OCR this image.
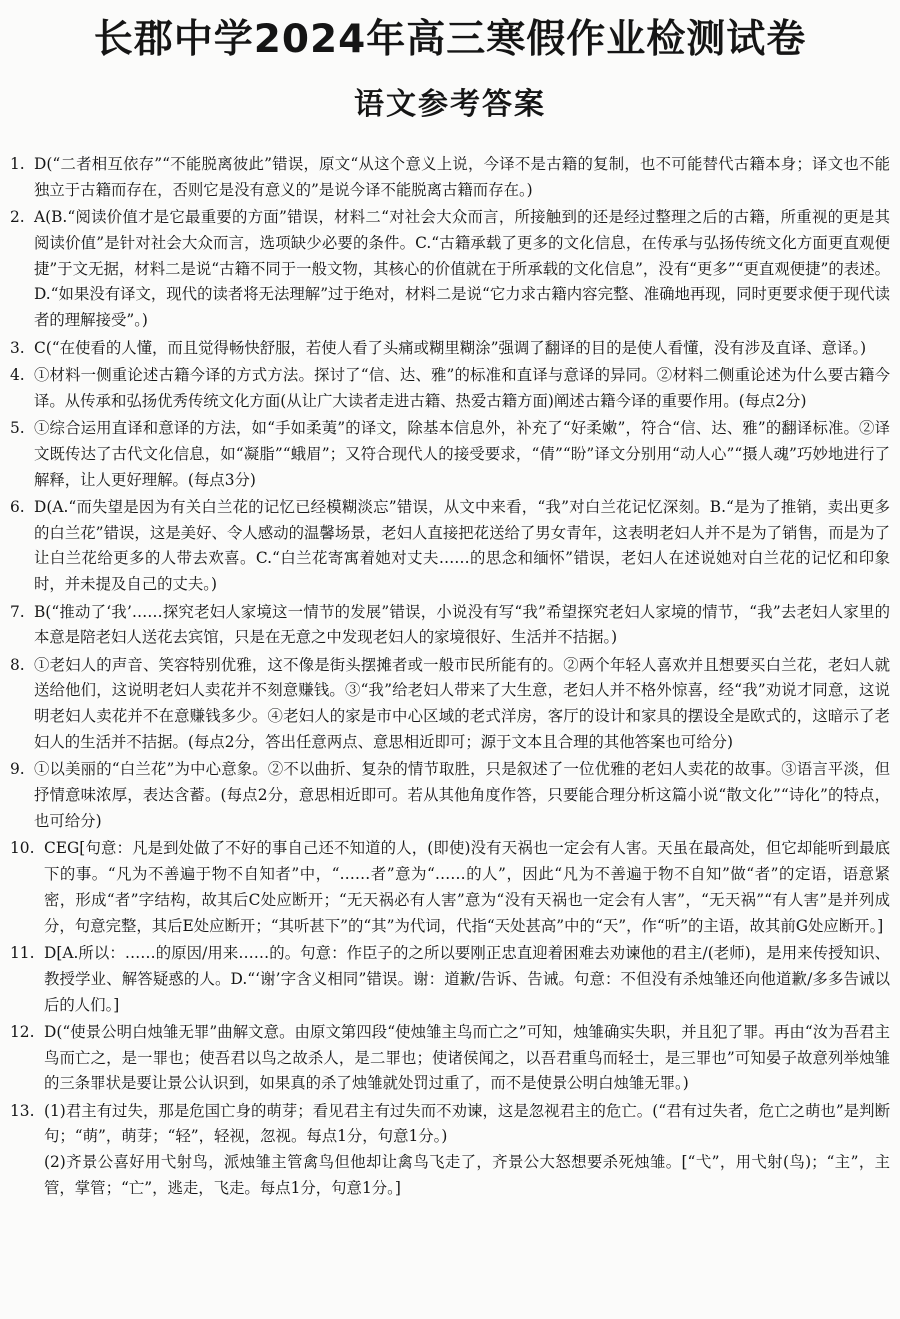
长郡中学2024年高三寒假作业检测试卷
语文参考答案

1. D(“二者相互依存”“不能脱离彼此”错误，原文“从这个意义上说，今译不是古籍的复制，也不可能替代古籍本身；译文也不能独立于古籍而存在，否则它是没有意义的”是说今译不能脱离古籍而存在。)

2. A(B.“阅读价值才是它最重要的方面”错误，材料二“对社会大众而言，所接触到的还是经过整理之后的古籍，所重视的更是其阅读价值”是针对社会大众而言，选项缺少必要的条件。C.“古籍承载了更多的文化信息，在传承与弘扬传统文化方面更直观便捷”于文无据，材料二是说“古籍不同于一般文物，其核心的价值就在于所承载的文化信息”，没有“更多”“更直观便捷”的表述。D.“如果没有译文，现代的读者将无法理解”过于绝对，材料二是说“它力求古籍内容完整、准确地再现，同时更要求便于现代读者的理解接受”。)

3. C(“在使看的人懂，而且觉得畅快舒服，若使人看了头痛或糊里糊涂”强调了翻译的目的是使人看懂，没有涉及直译、意译。)

4. ①材料一侧重论述古籍今译的方式方法。探讨了“信、达、雅”的标准和直译与意译的异同。②材料二侧重论述为什么要古籍今译。从传承和弘扬优秀传统文化方面(从让广大读者走进古籍、热爱古籍方面)阐述古籍今译的重要作用。(每点2分)

5. ①综合运用直译和意译的方法，如“手如柔荑”的译文，除基本信息外，补充了“好柔嫩”，符合“信、达、雅”的翻译标准。②译文既传达了古代文化信息，如“凝脂”“蛾眉”；又符合现代人的接受要求，“倩”“盼”译文分别用“动人心”“摄人魂”巧妙地进行了解释，让人更好理解。(每点3分)

6. D(A.“而失望是因为有关白兰花的记忆已经模糊淡忘”错误，从文中来看，“我”对白兰花记忆深刻。B.“是为了推销，卖出更多的白兰花”错误，这是美好、令人感动的温馨场景，老妇人直接把花送给了男女青年，这表明老妇人并不是为了销售，而是为了让白兰花给更多的人带去欢喜。C.“白兰花寄寓着她对丈夫……的思念和缅怀”错误，老妇人在述说她对白兰花的记忆和印象时，并未提及自己的丈夫。)

7. B(“推动了‘我’……探究老妇人家境这一情节的发展”错误，小说没有写“我”希望探究老妇人家境的情节，“我”去老妇人家里的本意是陪老妇人送花去宾馆，只是在无意之中发现老妇人的家境很好、生活并不拮据。)

8. ①老妇人的声音、笑容特别优雅，这不像是街头摆摊者或一般市民所能有的。②两个年轻人喜欢并且想要买白兰花，老妇人就送给他们，这说明老妇人卖花并不刻意赚钱。③“我”给老妇人带来了大生意，老妇人并不格外惊喜，经“我”劝说才同意，这说明老妇人卖花并不在意赚钱多少。④老妇人的家是市中心区域的老式洋房，客厅的设计和家具的摆设全是欧式的，这暗示了老妇人的生活并不拮据。(每点2分，答出任意两点、意思相近即可；源于文本且合理的其他答案也可给分)

9. ①以美丽的“白兰花”为中心意象。②不以曲折、复杂的情节取胜，只是叙述了一位优雅的老妇人卖花的故事。③语言平淡，但抒情意味浓厚，表达含蓄。(每点2分，意思相近即可。若从其他角度作答，只要能合理分析这篇小说“散文化”“诗化”的特点，也可给分)

10. CEG[句意：凡是到处做了不好的事自己还不知道的人，(即使)没有天祸也一定会有人害。天虽在最高处，但它却能听到最底下的事。“凡为不善遍于物不自知者”中，“……者”意为“……的人”，因此“凡为不善遍于物不自知”做“者”的定语，语意紧密，形成“者”字结构，故其后C处应断开；“无天祸必有人害”意为“没有天祸也一定会有人害”，“无天祸”“有人害”是并列成分，句意完整，其后E处应断开；“其听甚下”的“其”为代词，代指“天处甚高”中的“天”，作“听”的主语，故其前G处应断开。]

11. D[A.所以：……的原因/用来……的。句意：作臣子的之所以要刚正忠直迎着困难去劝谏他的君主/(老师)，是用来传授知识、教授学业、解答疑惑的人。D.“‘谢’字含义相同”错误。谢：道歉/告诉、告诫。句意：不但没有杀烛雏还向他道歉/多多告诫以后的人们。]

12. D(“使景公明白烛雏无罪”曲解文意。由原文第四段“使烛雏主鸟而亡之”可知，烛雏确实失职，并且犯了罪。再由“汝为吾君主鸟而亡之，是一罪也；使吾君以鸟之故杀人，是二罪也；使诸侯闻之，以吾君重鸟而轻士，是三罪也”可知晏子故意列举烛雏的三条罪状是要让景公认识到，如果真的杀了烛雏就处罚过重了，而不是使景公明白烛雏无罪。)

13. (1)君主有过失，那是危国亡身的萌芽；看见君主有过失而不劝谏，这是忽视君主的危亡。(“君有过失者，危亡之萌也”是判断句；“萌”，萌芽；“轻”，轻视，忽视。每点1分，句意1分。)
(2)齐景公喜好用弋射鸟，派烛雏主管禽鸟但他却让禽鸟飞走了，齐景公大怒想要杀死烛雏。[“弋”，用弋射(鸟)；“主”，主管，掌管；“亡”，逃走，飞走。每点1分，句意1分。]
